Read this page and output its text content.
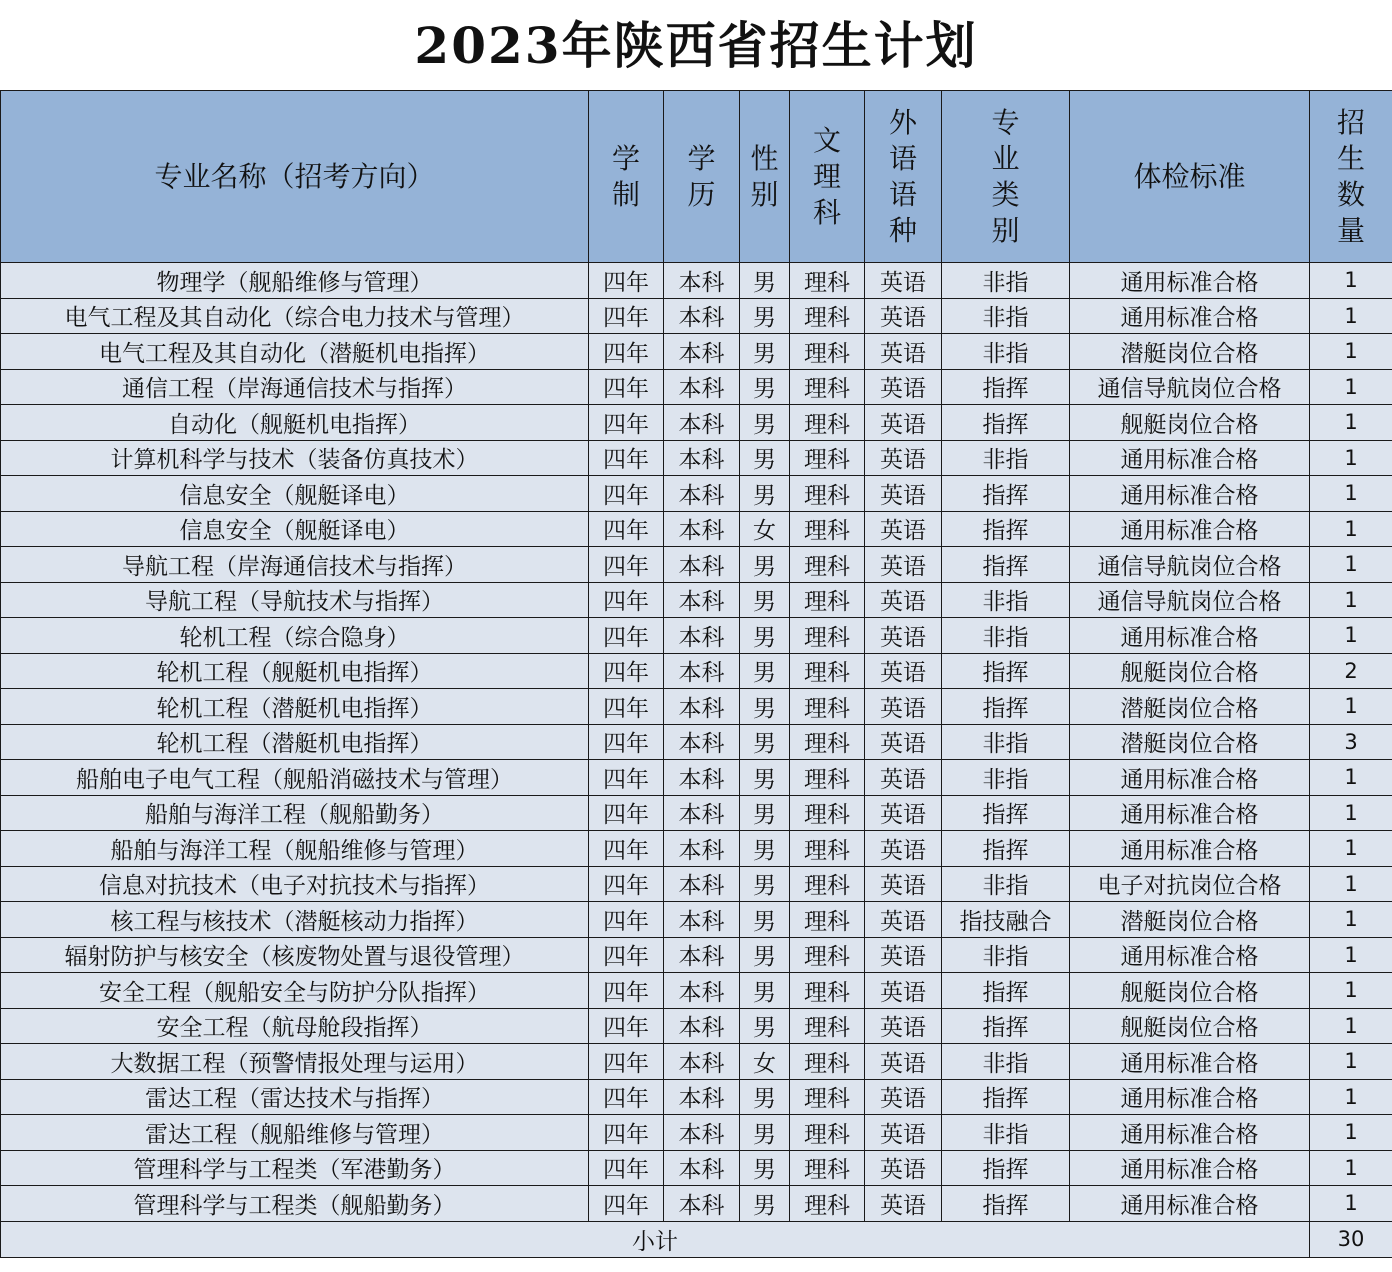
2023年陕西省招生计划
专业名称（招考方向）	学制	学历	性别	文理科	外语语种	专业类别	体检标准	招生数量
物理学（舰船维修与管理）	四年	本科	男	理科	英语	非指	通用标准合格	1
电气工程及其自动化（综合电力技术与管理）	四年	本科	男	理科	英语	非指	通用标准合格	1
电气工程及其自动化（潜艇机电指挥）	四年	本科	男	理科	英语	非指	潜艇岗位合格	1
通信工程（岸海通信技术与指挥）	四年	本科	男	理科	英语	指挥	通信导航岗位合格	1
自动化（舰艇机电指挥）	四年	本科	男	理科	英语	指挥	舰艇岗位合格	1
计算机科学与技术（装备仿真技术）	四年	本科	男	理科	英语	非指	通用标准合格	1
信息安全（舰艇译电）	四年	本科	男	理科	英语	指挥	通用标准合格	1
信息安全（舰艇译电）	四年	本科	女	理科	英语	指挥	通用标准合格	1
导航工程（岸海通信技术与指挥）	四年	本科	男	理科	英语	指挥	通信导航岗位合格	1
导航工程（导航技术与指挥）	四年	本科	男	理科	英语	非指	通信导航岗位合格	1
轮机工程（综合隐身）	四年	本科	男	理科	英语	非指	通用标准合格	1
轮机工程（舰艇机电指挥）	四年	本科	男	理科	英语	指挥	舰艇岗位合格	2
轮机工程（潜艇机电指挥）	四年	本科	男	理科	英语	指挥	潜艇岗位合格	1
轮机工程（潜艇机电指挥）	四年	本科	男	理科	英语	非指	潜艇岗位合格	3
船舶电子电气工程（舰船消磁技术与管理）	四年	本科	男	理科	英语	非指	通用标准合格	1
船舶与海洋工程（舰船勤务）	四年	本科	男	理科	英语	指挥	通用标准合格	1
船舶与海洋工程（舰船维修与管理）	四年	本科	男	理科	英语	指挥	通用标准合格	1
信息对抗技术（电子对抗技术与指挥）	四年	本科	男	理科	英语	非指	电子对抗岗位合格	1
核工程与核技术（潜艇核动力指挥）	四年	本科	男	理科	英语	指技融合	潜艇岗位合格	1
辐射防护与核安全（核废物处置与退役管理）	四年	本科	男	理科	英语	非指	通用标准合格	1
安全工程（舰船安全与防护分队指挥）	四年	本科	男	理科	英语	指挥	舰艇岗位合格	1
安全工程（航母舱段指挥）	四年	本科	男	理科	英语	指挥	舰艇岗位合格	1
大数据工程（预警情报处理与运用）	四年	本科	女	理科	英语	非指	通用标准合格	1
雷达工程（雷达技术与指挥）	四年	本科	男	理科	英语	指挥	通用标准合格	1
雷达工程（舰船维修与管理）	四年	本科	男	理科	英语	非指	通用标准合格	1
管理科学与工程类（军港勤务）	四年	本科	男	理科	英语	指挥	通用标准合格	1
管理科学与工程类（舰船勤务）	四年	本科	男	理科	英语	指挥	通用标准合格	1
小计								30
